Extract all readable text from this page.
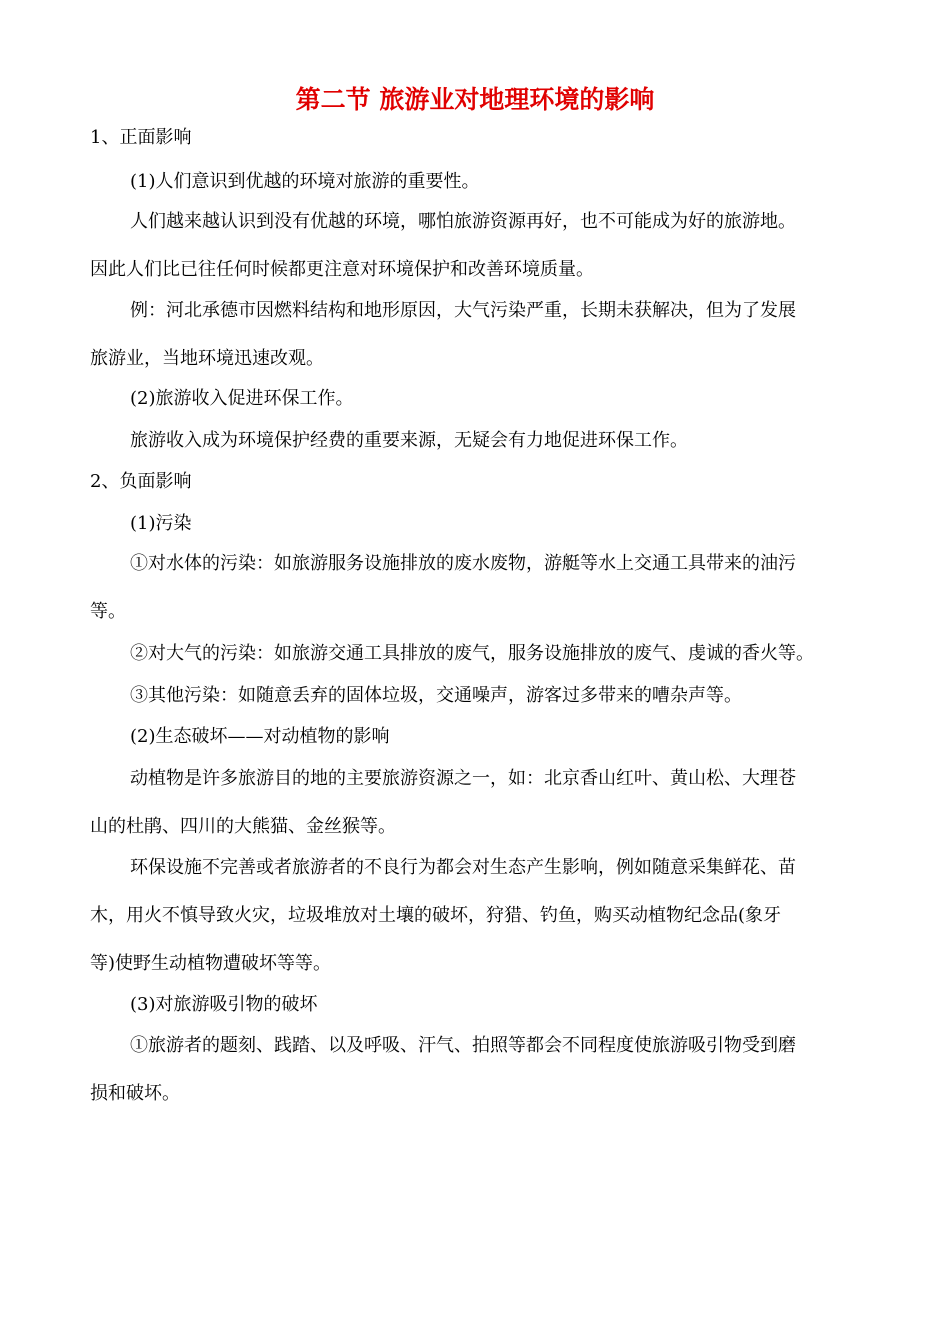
第二节 旅游业对地理环境的影响
1、正面影响
(1)人们意识到优越的环境对旅游的重要性。
人们越来越认识到没有优越的环境，哪怕旅游资源再好，也不可能成为好的旅游地。
因此人们比已往任何时候都更注意对环境保护和改善环境质量。
例：河北承德市因燃料结构和地形原因，大气污染严重，长期未获解决，但为了发展
旅游业，当地环境迅速改观。
(2)旅游收入促进环保工作。
旅游收入成为环境保护经费的重要来源，无疑会有力地促进环保工作。
2、负面影响
(1)污染
①对水体的污染：如旅游服务设施排放的废水废物，游艇等水上交通工具带来的油污
等。
②对大气的污染：如旅游交通工具排放的废气，服务设施排放的废气、虔诚的香火等。
③其他污染：如随意丢弃的固体垃圾，交通噪声，游客过多带来的嘈杂声等。
(2)生态破坏——对动植物的影响
动植物是许多旅游目的地的主要旅游资源之一，如：北京香山红叶、黄山松、大理苍
山的杜鹃、四川的大熊猫、金丝猴等。
环保设施不完善或者旅游者的不良行为都会对生态产生影响，例如随意采集鲜花、苗
木，用火不慎导致火灾，垃圾堆放对土壤的破坏，狩猎、钓鱼，购买动植物纪念品(象牙
等)使野生动植物遭破坏等等。
(3)对旅游吸引物的破坏
①旅游者的题刻、践踏、以及呼吸、汗气、拍照等都会不同程度使旅游吸引物受到磨
损和破坏。
